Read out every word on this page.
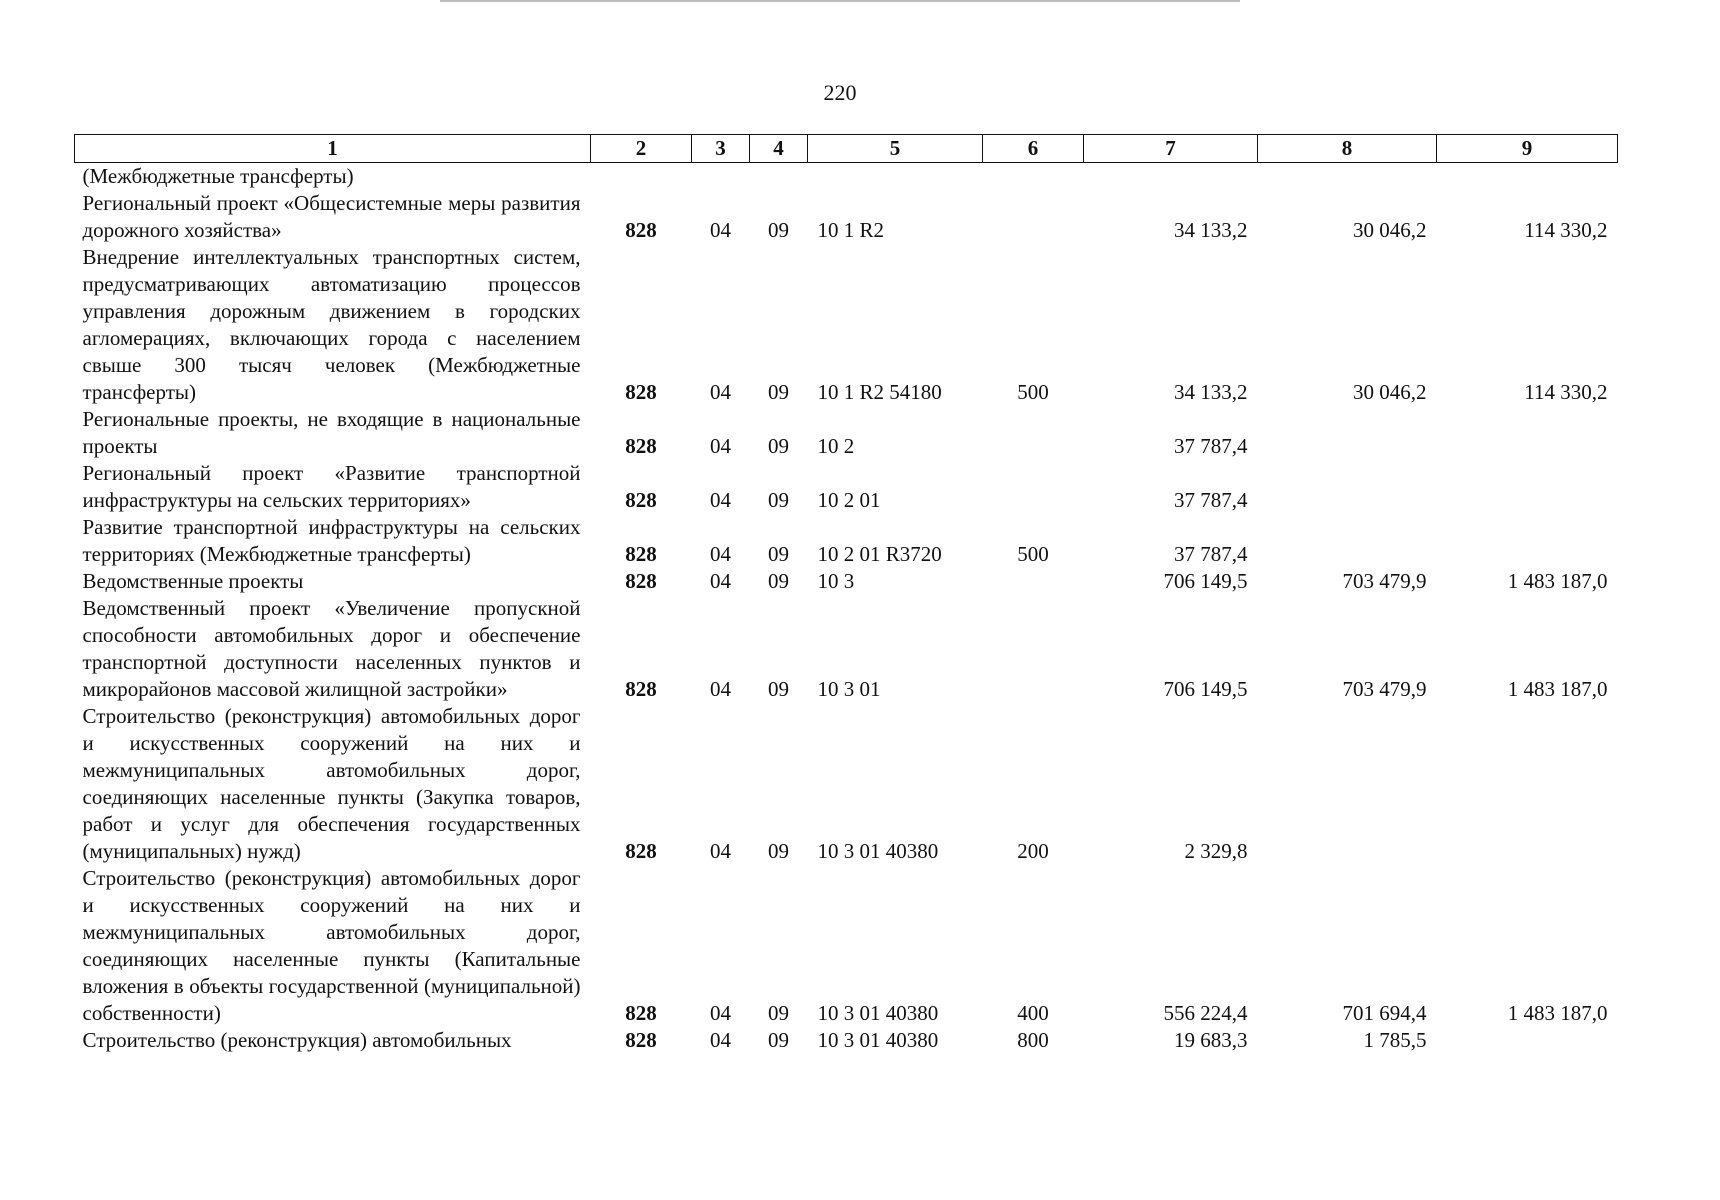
220
1	2	3	4	5	6	7	8	9
(Межбюджетные трансферты)								
Региональный проект «Общесистемные меры развития дорожного хозяйства»	828	04	09	10 1 R2		34 133,2	30 046,2	114 330,2
Внедрение интеллектуальных транспортных систем, предусматривающих автоматизацию процессов управления дорожным движением в городских агломерациях, включающих города с населением свыше 300 тысяч человек (Межбюджетные трансферты)	828	04	09	10 1 R2 54180	500	34 133,2	30 046,2	114 330,2
Региональные проекты, не входящие в национальные проекты	828	04	09	10 2		37 787,4		
Региональный проект «Развитие транспортной инфраструктуры на сельских территориях»	828	04	09	10 2 01		37 787,4		
Развитие транспортной инфраструктуры на сельских территориях (Межбюджетные трансферты)	828	04	09	10 2 01 R3720	500	37 787,4		
Ведомственные проекты	828	04	09	10 3		706 149,5	703 479,9	1 483 187,0
Ведомственный проект «Увеличение пропускной способности автомобильных дорог и обеспечение транспортной доступности населенных пунктов и микрорайонов массовой жилищной застройки»	828	04	09	10 3 01		706 149,5	703 479,9	1 483 187,0
Строительство (реконструкция) автомобильных дорог и искусственных сооружений на них и межмуниципальных автомобильных дорог, соединяющих населенные пункты (Закупка товаров, работ и услуг для обеспечения государственных (муниципальных) нужд)	828	04	09	10 3 01 40380	200	2 329,8		
Строительство (реконструкция) автомобильных дорог и искусственных сооружений на них и межмуниципальных автомобильных дорог, соединяющих населенные пункты (Капитальные вложения в объекты государственной (муниципальной) собственности)	828	04	09	10 3 01 40380	400	556 224,4	701 694,4	1 483 187,0
Строительство (реконструкция) автомобильных	828	04	09	10 3 01 40380	800	19 683,3	1 785,5	
